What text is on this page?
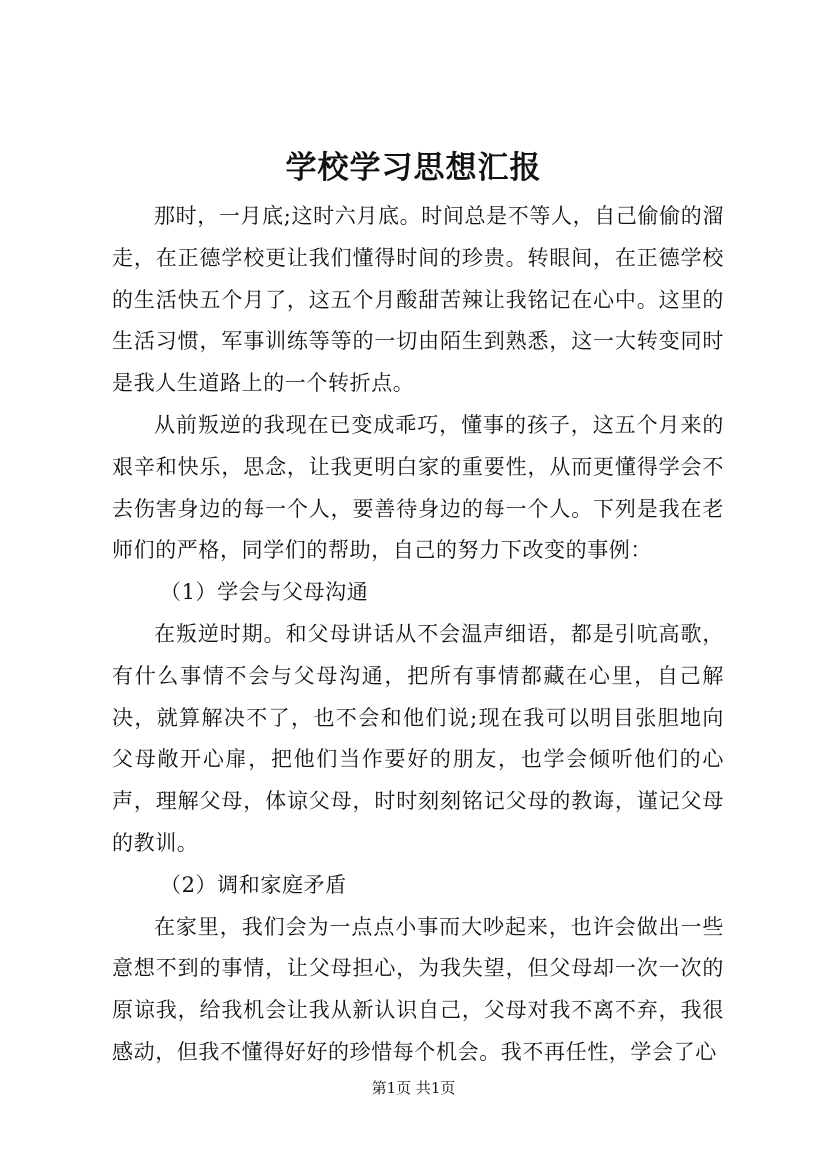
学校学习思想汇报

那时，一月底;这时六月底。时间总是不等人，自己偷偷的溜走，在正德学校更让我们懂得时间的珍贵。转眼间，在正德学校的生活快五个月了，这五个月酸甜苦辣让我铭记在心中。这里的生活习惯，军事训练等等的一切由陌生到熟悉，这一大转变同时是我人生道路上的一个转折点。

从前叛逆的我现在已变成乖巧，懂事的孩子，这五个月来的艰辛和快乐，思念，让我更明白家的重要性，从而更懂得学会不去伤害身边的每一个人，要善待身边的每一个人。下列是我在老师们的严格，同学们的帮助，自己的努力下改变的事例：

（1）学会与父母沟通

在叛逆时期。和父母讲话从不会温声细语，都是引吭高歌，有什么事情不会与父母沟通，把所有事情都藏在心里，自己解决，就算解决不了，也不会和他们说;现在我可以明目张胆地向父母敞开心扉，把他们当作要好的朋友，也学会倾听他们的心声，理解父母，体谅父母，时时刻刻铭记父母的教诲，谨记父母的教训。

（2）调和家庭矛盾

在家里，我们会为一点点小事而大吵起来，也许会做出一些意想不到的事情，让父母担心，为我失望，但父母却一次一次的原谅我，给我机会让我从新认识自己，父母对我不离不弃，我很感动，但我不懂得好好的珍惜每个机会。我不再任性，学会了心

第1页 共1页
